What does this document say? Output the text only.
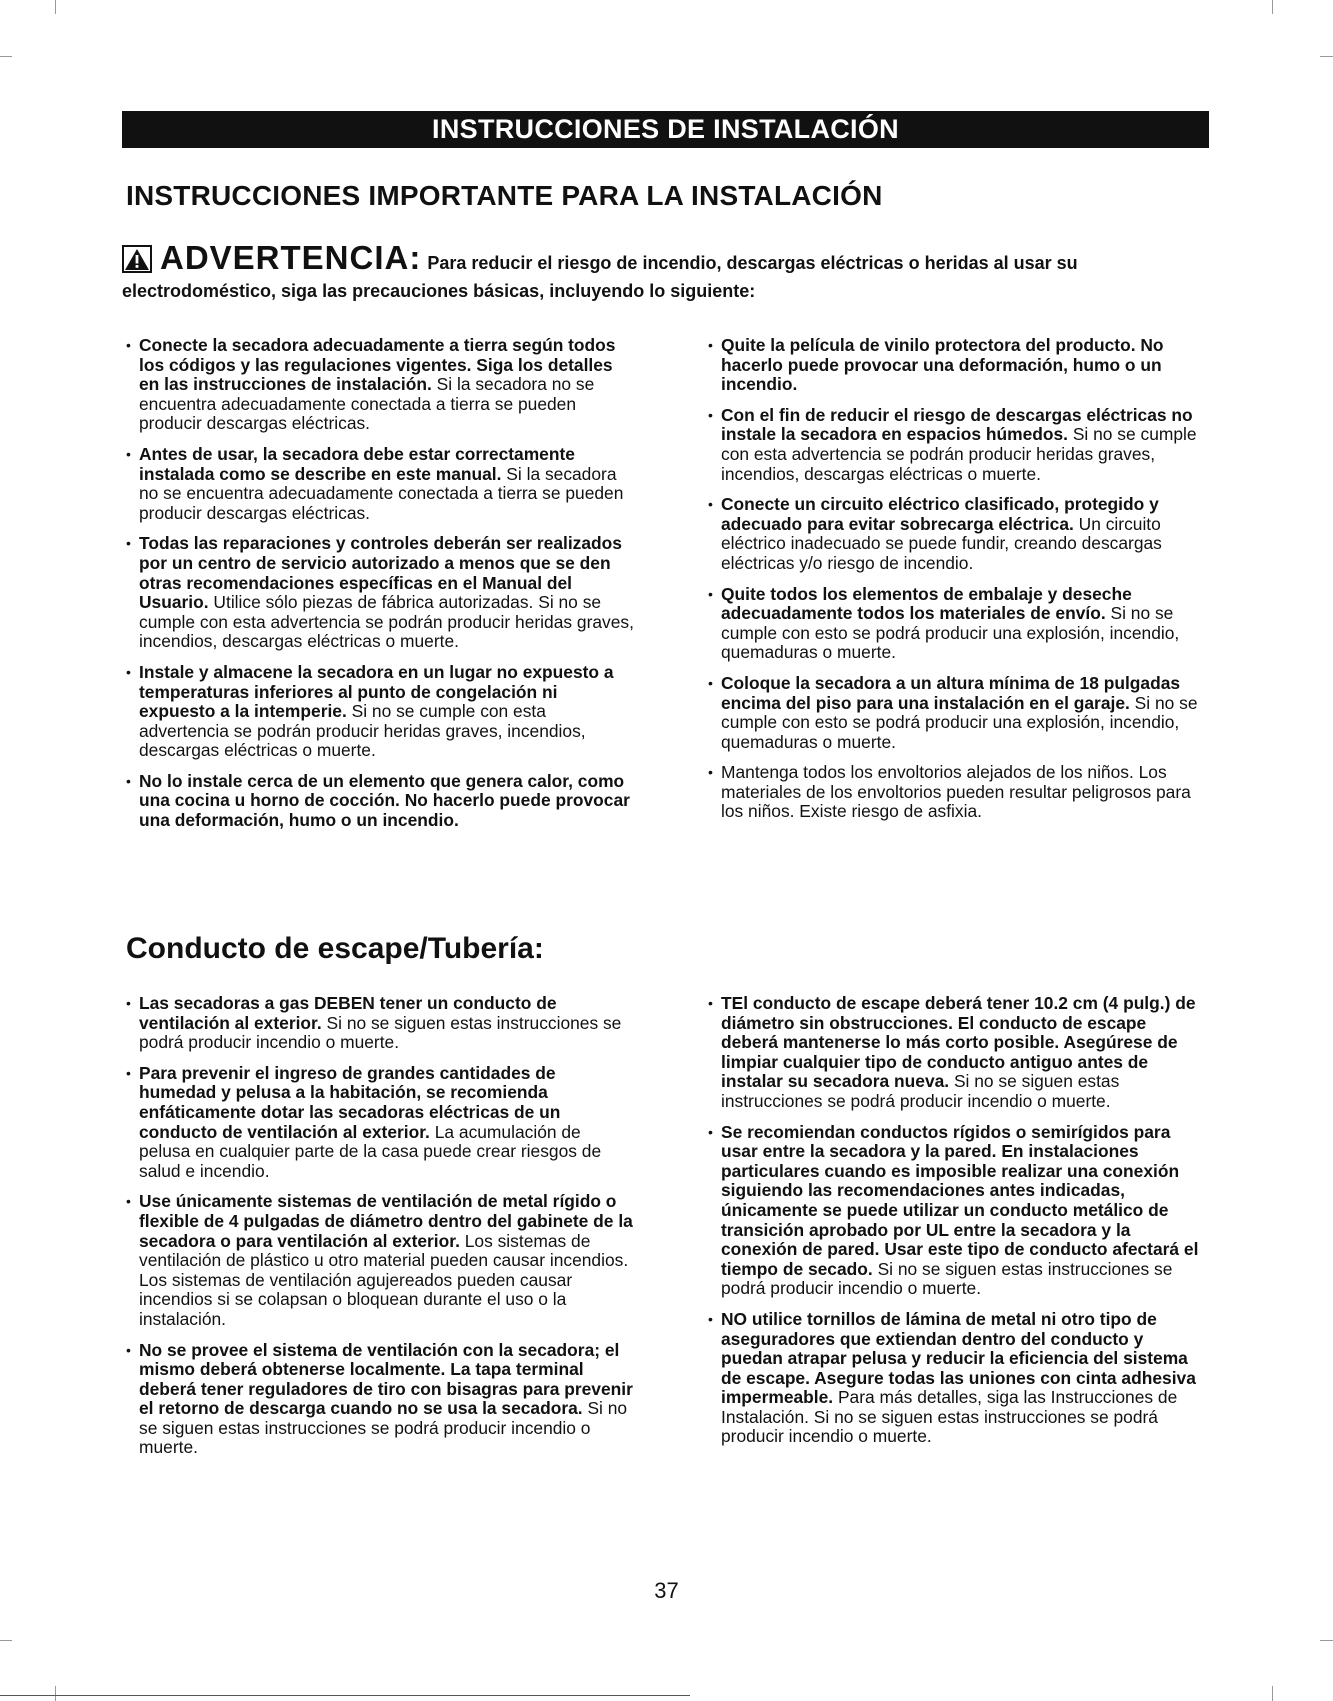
INSTRUCCIONES DE INSTALACIÓN
INSTRUCCIONES IMPORTANTE PARA LA INSTALACIÓN
ADVERTENCIA: Para reducir el riesgo de incendio, descargas eléctricas o heridas al usar su electrodoméstico, siga las precauciones básicas, incluyendo lo siguiente:
• Conecte la secadora adecuadamente a tierra según todos los códigos y las regulaciones vigentes. Siga los detalles en las instrucciones de instalación. Si la secadora no se encuentra adecuadamente conectada a tierra se pueden producir descargas eléctricas.
• Antes de usar, la secadora debe estar correctamente instalada como se describe en este manual. Si la secadora no se encuentra adecuadamente conectada a tierra se pueden producir descargas eléctricas.
• Todas las reparaciones y controles deberán ser realizados por un centro de servicio autorizado a menos que se den otras recomendaciones específicas en el Manual del Usuario. Utilice sólo piezas de fábrica autorizadas. Si no se cumple con esta advertencia se podrán producir heridas graves, incendios, descargas eléctricas o muerte.
• Instale y almacene la secadora en un lugar no expuesto a temperaturas inferiores al punto de congelación ni expuesto a la intemperie. Si no se cumple con esta advertencia se podrán producir heridas graves, incendios, descargas eléctricas o muerte.
• No lo instale cerca de un elemento que genera calor, como una cocina u horno de cocción. No hacerlo puede provocar una deformación, humo o un incendio.
• Quite la película de vinilo protectora del producto. No hacerlo puede provocar una deformación, humo o un incendio.
• Con el fin de reducir el riesgo de descargas eléctricas no instale la secadora en espacios húmedos. Si no se cumple con esta advertencia se podrán producir heridas graves, incendios, descargas eléctricas o muerte.
• Conecte un circuito eléctrico clasificado, protegido y adecuado para evitar sobrecarga eléctrica. Un circuito eléctrico inadecuado se puede fundir, creando descargas eléctricas y/o riesgo de incendio.
• Quite todos los elementos de embalaje y deseche adecuadamente todos los materiales de envío. Si no se cumple con esto se podrá producir una explosión, incendio, quemaduras o muerte.
• Coloque la secadora a un altura mínima de 18 pulgadas encima del piso para una instalación en el garaje. Si no se cumple con esto se podrá producir una explosión, incendio, quemaduras o muerte.
• Mantenga todos los envoltorios alejados de los niños. Los materiales de los envoltorios pueden resultar peligrosos para los niños. Existe riesgo de asfixia.
Conducto de escape/Tubería:
• Las secadoras a gas DEBEN tener un conducto de ventilación al exterior. Si no se siguen estas instrucciones se podrá producir incendio o muerte.
• Para prevenir el ingreso de grandes cantidades de humedad y pelusa a la habitación, se recomienda enfáticamente dotar las secadoras eléctricas de un conducto de ventilación al exterior. La acumulación de pelusa en cualquier parte de la casa puede crear riesgos de salud e incendio.
• Use únicamente sistemas de ventilación de metal rígido o flexible de 4 pulgadas de diámetro dentro del gabinete de la secadora o para ventilación al exterior. Los sistemas de ventilación de plástico u otro material pueden causar incendios. Los sistemas de ventilación agujereados pueden causar incendios si se colapsan o bloquean durante el uso o la instalación.
• No se provee el sistema de ventilación con la secadora; el mismo deberá obtenerse localmente. La tapa terminal deberá tener reguladores de tiro con bisagras para prevenir el retorno de descarga cuando no se usa la secadora. Si no se siguen estas instrucciones se podrá producir incendio o muerte.
• TEl conducto de escape deberá tener 10.2 cm (4 pulg.) de diámetro sin obstrucciones. El conducto de escape deberá mantenerse lo más corto posible. Asegúrese de limpiar cualquier tipo de conducto antiguo antes de instalar su secadora nueva. Si no se siguen estas instrucciones se podrá producir incendio o muerte.
• Se recomiendan conductos rígidos o semirígidos para usar entre la secadora y la pared. En instalaciones particulares cuando es imposible realizar una conexión siguiendo las recomendaciones antes indicadas, únicamente se puede utilizar un conducto metálico de transición aprobado por UL entre la secadora y la conexión de pared. Usar este tipo de conducto afectará el tiempo de secado. Si no se siguen estas instrucciones se podrá producir incendio o muerte.
• NO utilice tornillos de lámina de metal ni otro tipo de aseguradores que extiendan dentro del conducto y puedan atrapar pelusa y reducir la eficiencia del sistema de escape. Asegure todas las uniones con cinta adhesiva impermeable. Para más detalles, siga las Instrucciones de Instalación. Si no se siguen estas instrucciones se podrá producir incendio o muerte.
37
